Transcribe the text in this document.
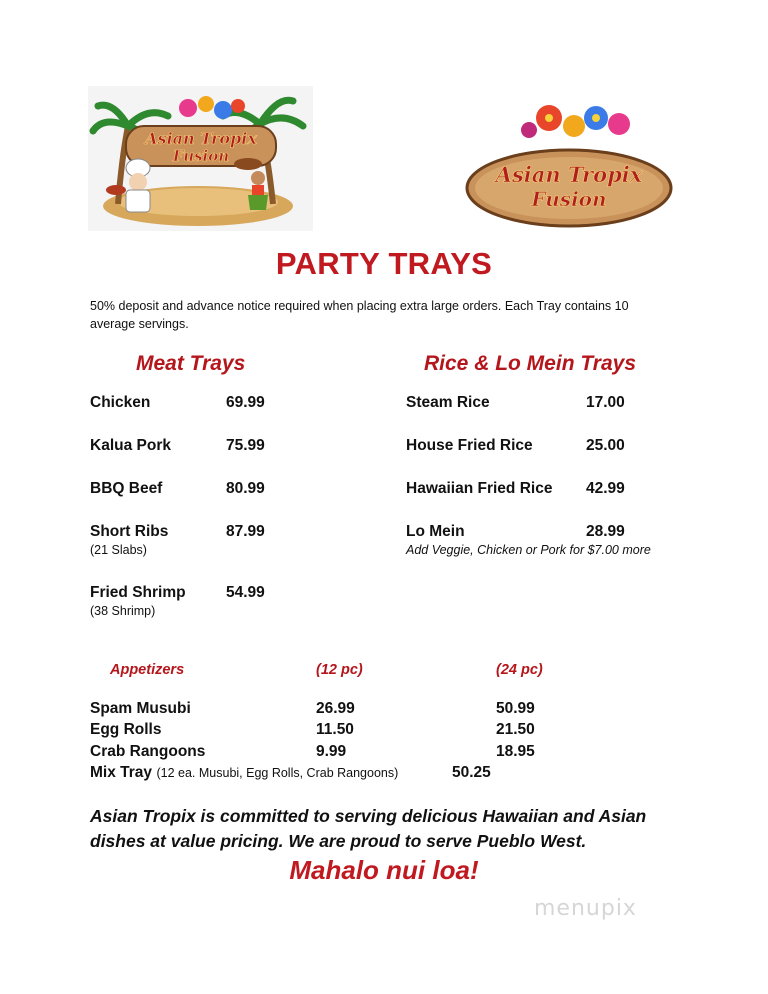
Asian Tropix
Fusion
Asian Tropix
Fusion
PARTY TRAYS
50% deposit and advance notice required when placing extra large orders. Each Tray contains 10 average servings.
Meat Trays
Chicken	69.99
Kalua Pork	75.99
BBQ Beef	80.99
Short Ribs	87.99
(21 Slabs)
Fried Shrimp	54.99
(38 Shrimp)
Rice & Lo Mein Trays
Steam Rice	17.00
House Fried Rice	25.00
Hawaiian Fried Rice 42.99
Lo Mein	28.99
Add Veggie, Chicken or Pork for $7.00 more
Appetizers	(12 pc)	(24 pc)
Spam Musubi	26.99	50.99
Egg Rolls	11.50	21.50
Crab Rangoons	9.99	18.95
Mix Tray (12 ea. Musubi, Egg Rolls, Crab Rangoons)	50.25
Asian Tropix is committed to serving delicious Hawaiian and Asian dishes at value pricing. We are proud to serve Pueblo West.
Mahalo nui loa!
menupix
